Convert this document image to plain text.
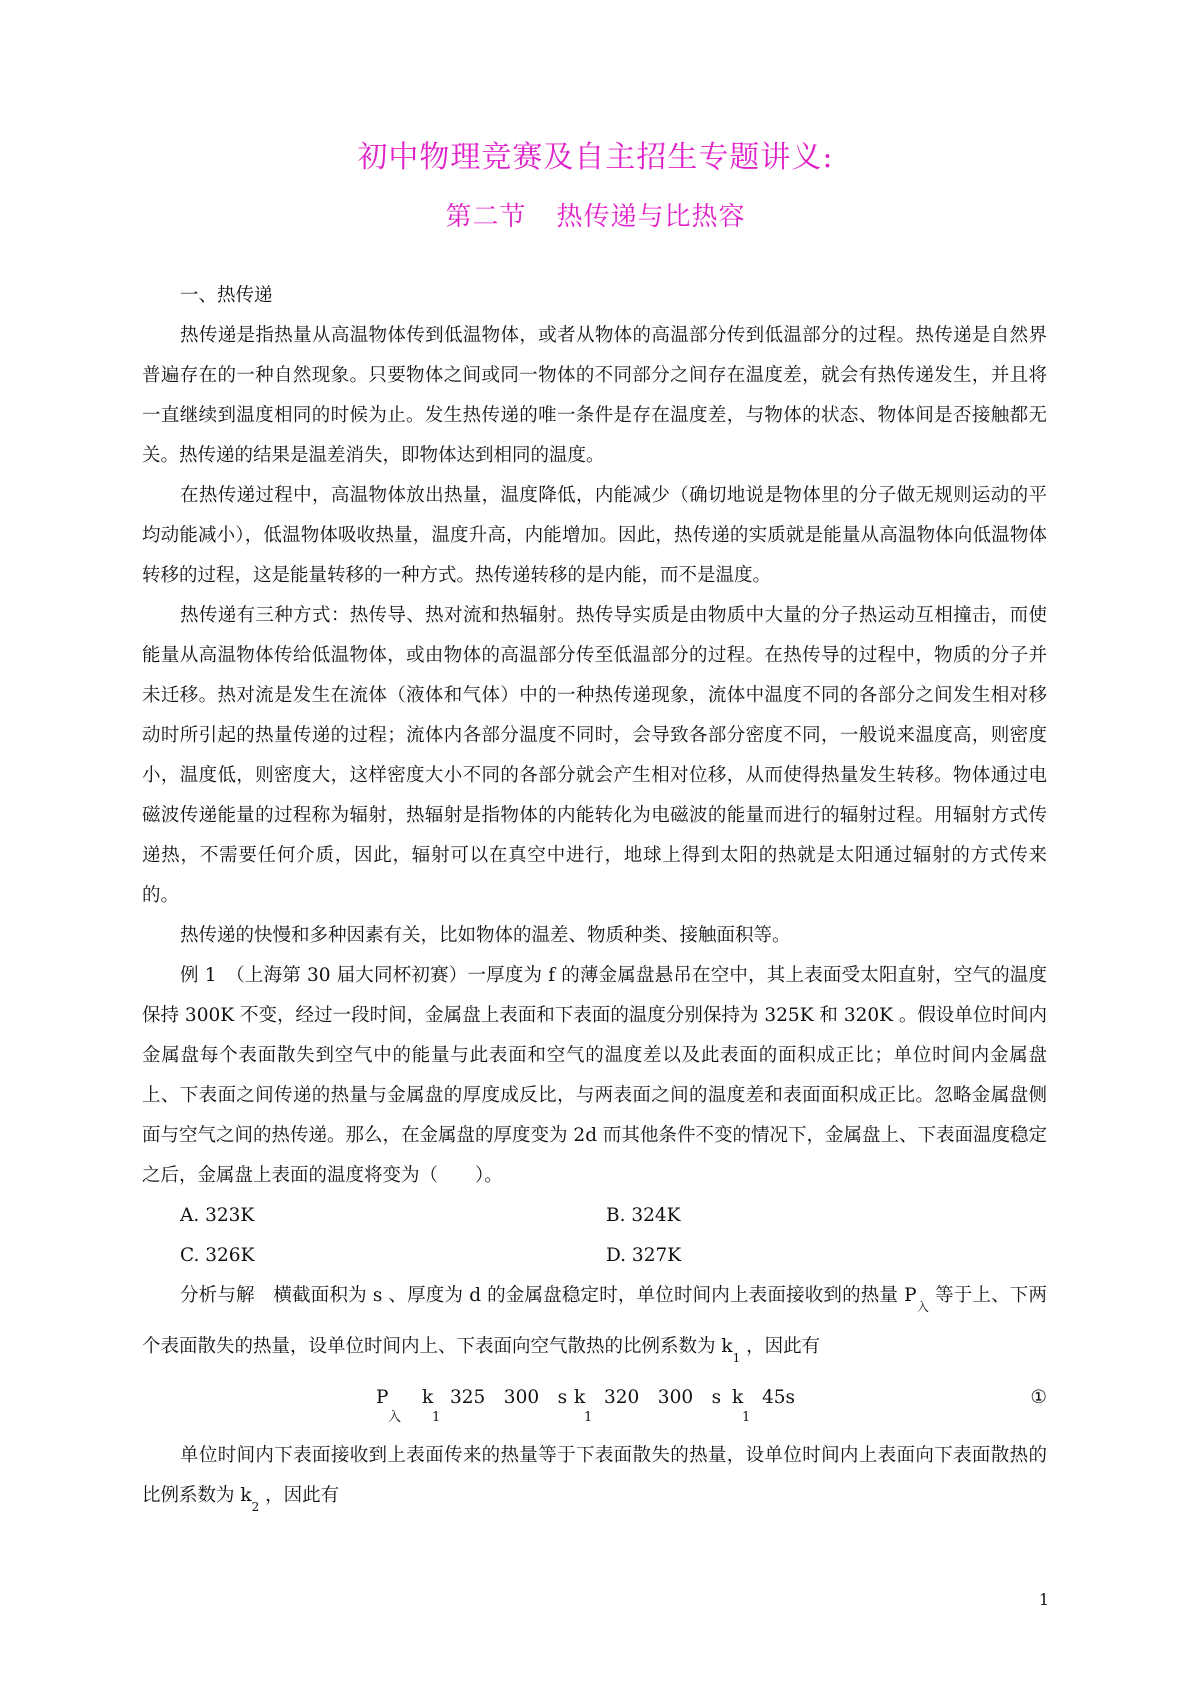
初中物理竞赛及自主招生专题讲义:
第二节 热传递与比热容

一、热传递

热传递是指热量从高温物体传到低温物体，或者从物体的高温部分传到低温部分的过程。热传递是自然界普遍存在的一种自然现象。只要物体之间或同一物体的不同部分之间存在温度差，就会有热传递发生，并且将一直继续到温度相同的时候为止。发生热传递的唯一条件是存在温度差，与物体的状态、物体间是否接触都无关。热传递的结果是温差消失，即物体达到相同的温度。

在热传递过程中，高温物体放出热量，温度降低，内能减少（确切地说是物体里的分子做无规则运动的平均动能减小），低温物体吸收热量，温度升高，内能增加。因此，热传递的实质就是能量从高温物体向低温物体转移的过程，这是能量转移的一种方式。热传递转移的是内能，而不是温度。

热传递有三种方式：热传导、热对流和热辐射。热传导实质是由物质中大量的分子热运动互相撞击，而使能量从高温物体传给低温物体，或由物体的高温部分传至低温部分的过程。在热传导的过程中，物质的分子并未迁移。热对流是发生在流体（液体和气体）中的一种热传递现象，流体中温度不同的各部分之间发生相对移动时所引起的热量传递的过程；流体内各部分温度不同时，会导致各部分密度不同，一般说来温度高，则密度小，温度低，则密度大，这样密度大小不同的各部分就会产生相对位移，从而使得热量发生转移。物体通过电磁波传递能量的过程称为辐射，热辐射是指物体的内能转化为电磁波的能量而进行的辐射过程。用辐射方式传递热，不需要任何介质，因此，辐射可以在真空中进行，地球上得到太阳的热就是太阳通过辐射的方式传来的。

热传递的快慢和多种因素有关，比如物体的温差、物质种类、接触面积等。

例 1　（上海第 30 届大同杯初赛）一厚度为 f 的薄金属盘悬吊在空中，其上表面受太阳直射，空气的温度保持 300K 不变，经过一段时间，金属盘上表面和下表面的温度分别保持为 325K 和 320K 。假设单位时间内金属盘每个表面散失到空气中的能量与此表面和空气的温度差以及此表面的面积成正比；单位时间内金属盘上、下表面之间传递的热量与金属盘的厚度成反比，与两表面之间的温度差和表面面积成正比。忽略金属盘侧面与空气之间的热传递。那么，在金属盘的厚度变为 2d 而其他条件不变的情况下，金属盘上、下表面温度稳定之后，金属盘上表面的温度将变为（　　）。

A. 323K	B. 324K
C. 326K	D. 327K

分析与解　横截面积为 s 、厚度为 d 的金属盘稳定时，单位时间内上表面接收到的热量 $P_入$ 等于上、下两个表面散失的热量，设单位时间内上、下表面向空气散热的比例系数为 $k_1$ ，因此有

P
入
k
1
325　300　s k
1
320　300　s k
1
45s	①

单位时间内下表面接收到上表面传来的热量等于下表面散失的热量，设单位时间内上表面向下表面散热的比例系数为 $k_2$ ，因此有

1
